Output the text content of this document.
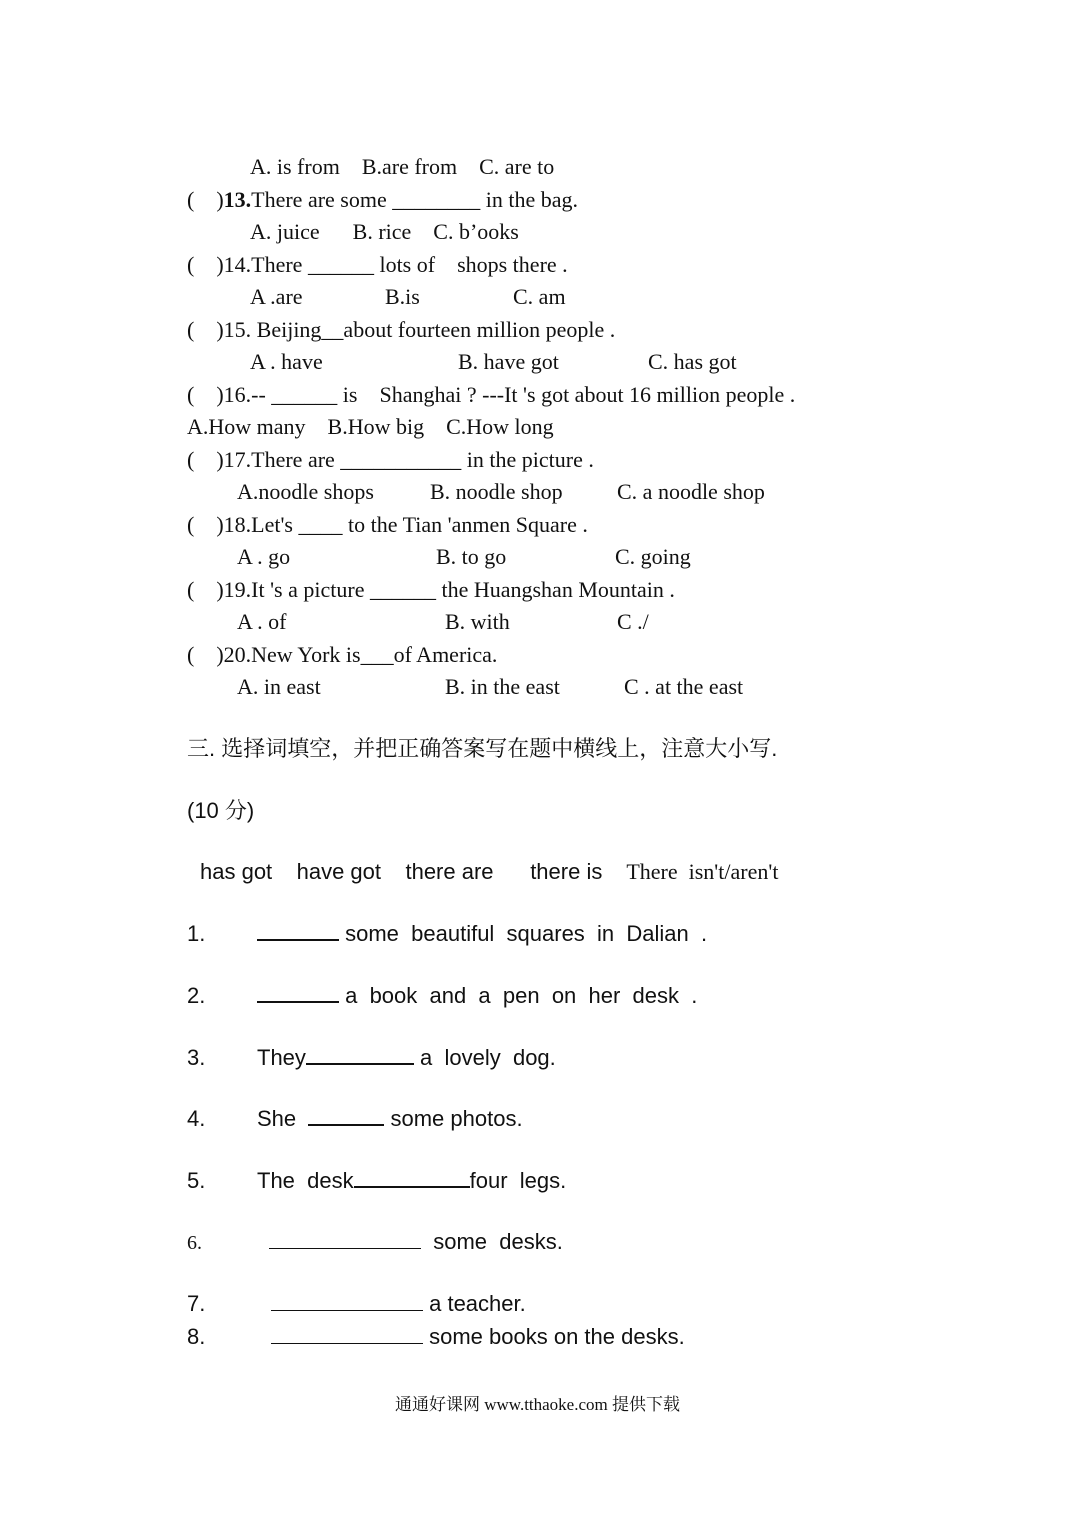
A. is from    B.are from    C. are to
(    )13.There are some ________ in the bag.
A. juice      B. rice    C. b’ooks
(    )14.There ______ lots of    shops there .
A .are	B.is	C. am
(    )15. Beijing__about fourteen million people .
A . have	B. have got	C. has got
(    )16.-- ______ is    Shanghai ? ---It 's got about 16 million people .
A.How many    B.How big    C.How long
(    )17.There are ___________ in the picture .
A.noodle shops	B. noodle shop C. a noodle shop
(    )18.Let's ____ to the Tian 'anmen Square .
A . go	B. to go	C. going
(    )19.It 's a picture ______ the Huangshan Mountain .
A . of	B. with	C ./
(    )20.New York is___of America.
A. in east	B. in the east	C . at the east
三. 选择词填空，并把正确答案写在题中横线上，注意大小写.
(10 分)
has got    have got    there are      there is There  isn't/aren't
1.	some  beautiful  squares  in  Dalian  .
2.	a  book  and  a  pen  on  her  desk  .
3. They	a  lovely  dog.
4. She	some photos.
5. The  desk	four  legs.
6.	some  desks.
7.	a teacher.
8.	some books on the desks.
通通好课网 www.tthaoke.com 提供下载
